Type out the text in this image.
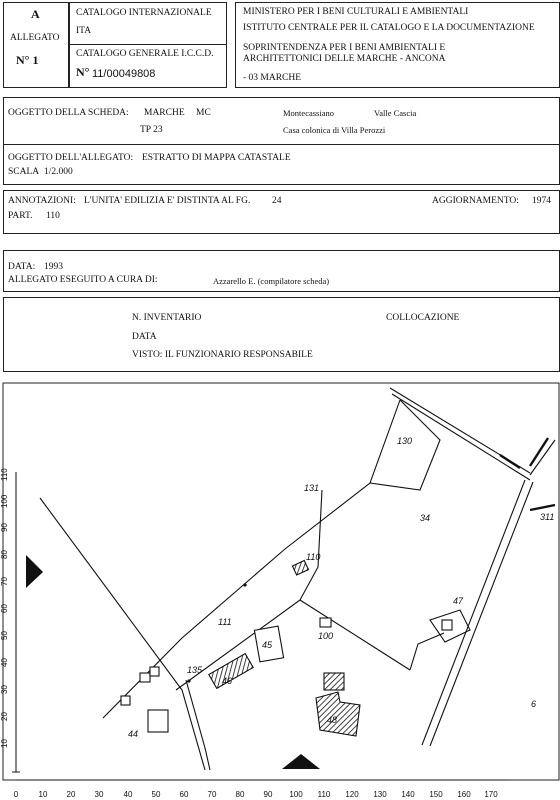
A
ALLEGATO
N° 1
CATALOGO INTERNAZIONALE
ITA
CATALOGO GENERALE I.C.C.D.
N° 11/00049808
MINISTERO PER I BENI CULTURALI E AMBIENTALI
ISTITUTO CENTRALE PER IL CATALOGO E LA DOCUMENTAZIONE
SOPRINTENDENZA PER I BENI AMBIENTALI E
ARCHITETTONICI DELLE MARCHE - ANCONA
- 03 MARCHE
OGGETTO DELLA SCHEDA: MARCHE MC
TP 23
Montecassiano	Valle Cascia
Casa colonica di Villa Perozzi
OGGETTO DELL'ALLEGATO: ESTRATTO DI MAPPA CATASTALE
SCALA 1/2.000
ANNOTAZIONI: L'UNITA' EDILIZIA E' DISTINTA AL FG. 24
PART. 110
AGGIORNAMENTO: 1974
DATA: 1993
ALLEGATO ESEGUITO A CURA DI:	Azzarello E. (compilatore scheda)
N. INVENTARIO	COLLOCAZIONE
DATA
VISTO: IL FUNZIONARIO RESPONSABILE
130
131
34
110
111
100
47
45
135
46
44
48
6
311
10
20
30
40
50
60
70
80
90
100
110
0	10 20 30	40 50 60 70 80 90 100 110 120 130 140 150 160 170
